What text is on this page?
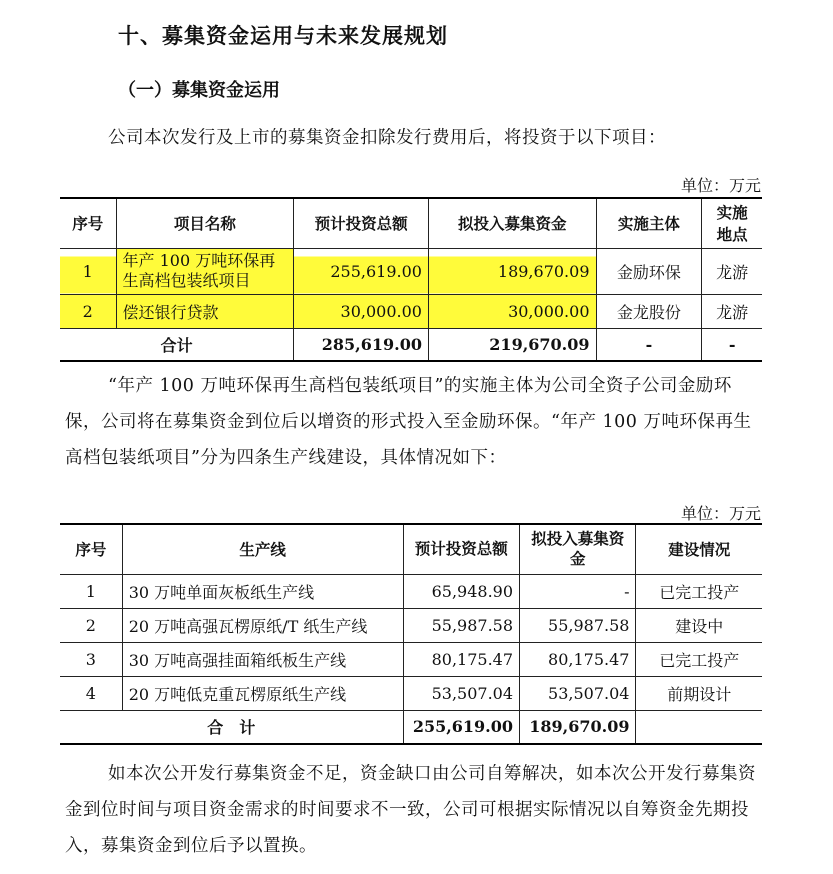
十、募集资金运用与未来发展规划
（一）募集资金运用

公司本次发行及上市的募集资金扣除发行费用后，将投资于以下项目：

单位：万元
序号	项目名称	预计投资总额	拟投入募集资金	实施主体	实施地点
1	年产 100 万吨环保再生高档包装纸项目	255,619.00	189,670.09	金励环保	龙游
2	偿还银行贷款	30,000.00	30,000.00	金龙股份	龙游
合计		285,619.00	219,670.09	-	-

“年产 100 万吨环保再生高档包装纸项目”的实施主体为公司全资子公司金励环保，公司将在募集资金到位后以增资的形式投入至金励环保。“年产 100 万吨环保再生高档包装纸项目”分为四条生产线建设，具体情况如下：

单位：万元
序号	生产线	预计投资总额	拟投入募集资金	建设情况
1	30 万吨单面灰板纸生产线	65,948.90	-	已完工投产
2	20 万吨高强瓦楞原纸/T 纸生产线	55,987.58	55,987.58	建设中
3	30 万吨高强挂面箱纸板生产线	80,175.47	80,175.47	已完工投产
4	20 万吨低克重瓦楞原纸生产线	53,507.04	53,507.04	前期设计
合　计		255,619.00	189,670.09	

如本次公开发行募集资金不足，资金缺口由公司自筹解决，如本次公开发行募集资金到位时间与项目资金需求的时间要求不一致，公司可根据实际情况以自筹资金先期投入，募集资金到位后予以置换。
